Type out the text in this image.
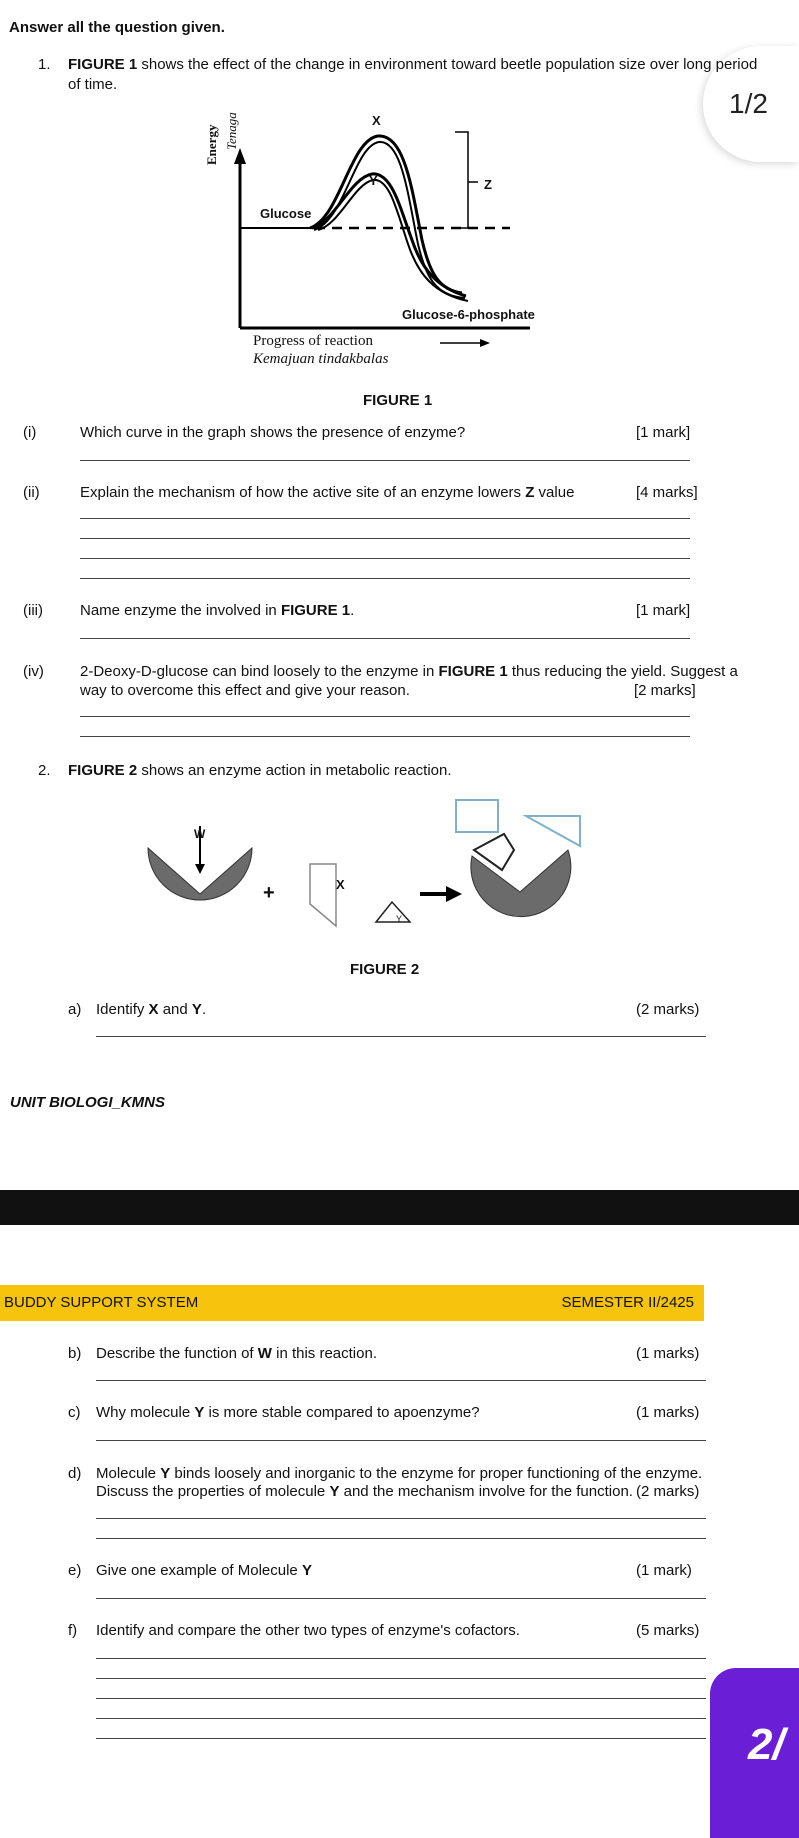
Answer all the question given.
1/2
1. FIGURE 1 shows the effect of the change in environment toward beetle population size over long period
of time.
Energy Tenaga	X
Y	Z
Glucose
Glucose-6-phosphate
Progress of reaction
Kemajuan tindakbalas
FIGURE 1
(i)	Which curve in the graph shows the presence of enzyme?	[1 mark]
(ii)	Explain the mechanism of how the active site of an enzyme lowers Z value	[4 marks]
(iii) Name enzyme the involved in FIGURE 1.	[1 mark]
(iv) 2-Deoxy-D-glucose can bind loosely to the enzyme in FIGURE 1 thus reducing the yield. Suggest a
way to overcome this effect and give your reason.	[2 marks]
2. FIGURE 2 shows an enzyme action in metabolic reaction.
W
+	X
Y
FIGURE 2
a) Identify X and Y.	(2 marks)
UNIT BIOLOGI_KMNS
BUDDY SUPPORT SYSTEM	SEMESTER II/2425
b) Describe the function of W in this reaction.	(1 marks)
c) Why molecule Y is more stable compared to apoenzyme?	(1 marks)
d) Molecule Y binds loosely and inorganic to the enzyme for proper functioning of the enzyme.
Discuss the properties of molecule Y and the mechanism involve for the function. (2 marks)
e) Give one example of Molecule Y	(1 mark)
f) Identify and compare the other two types of enzyme's cofactors.	(5 marks)
2/
